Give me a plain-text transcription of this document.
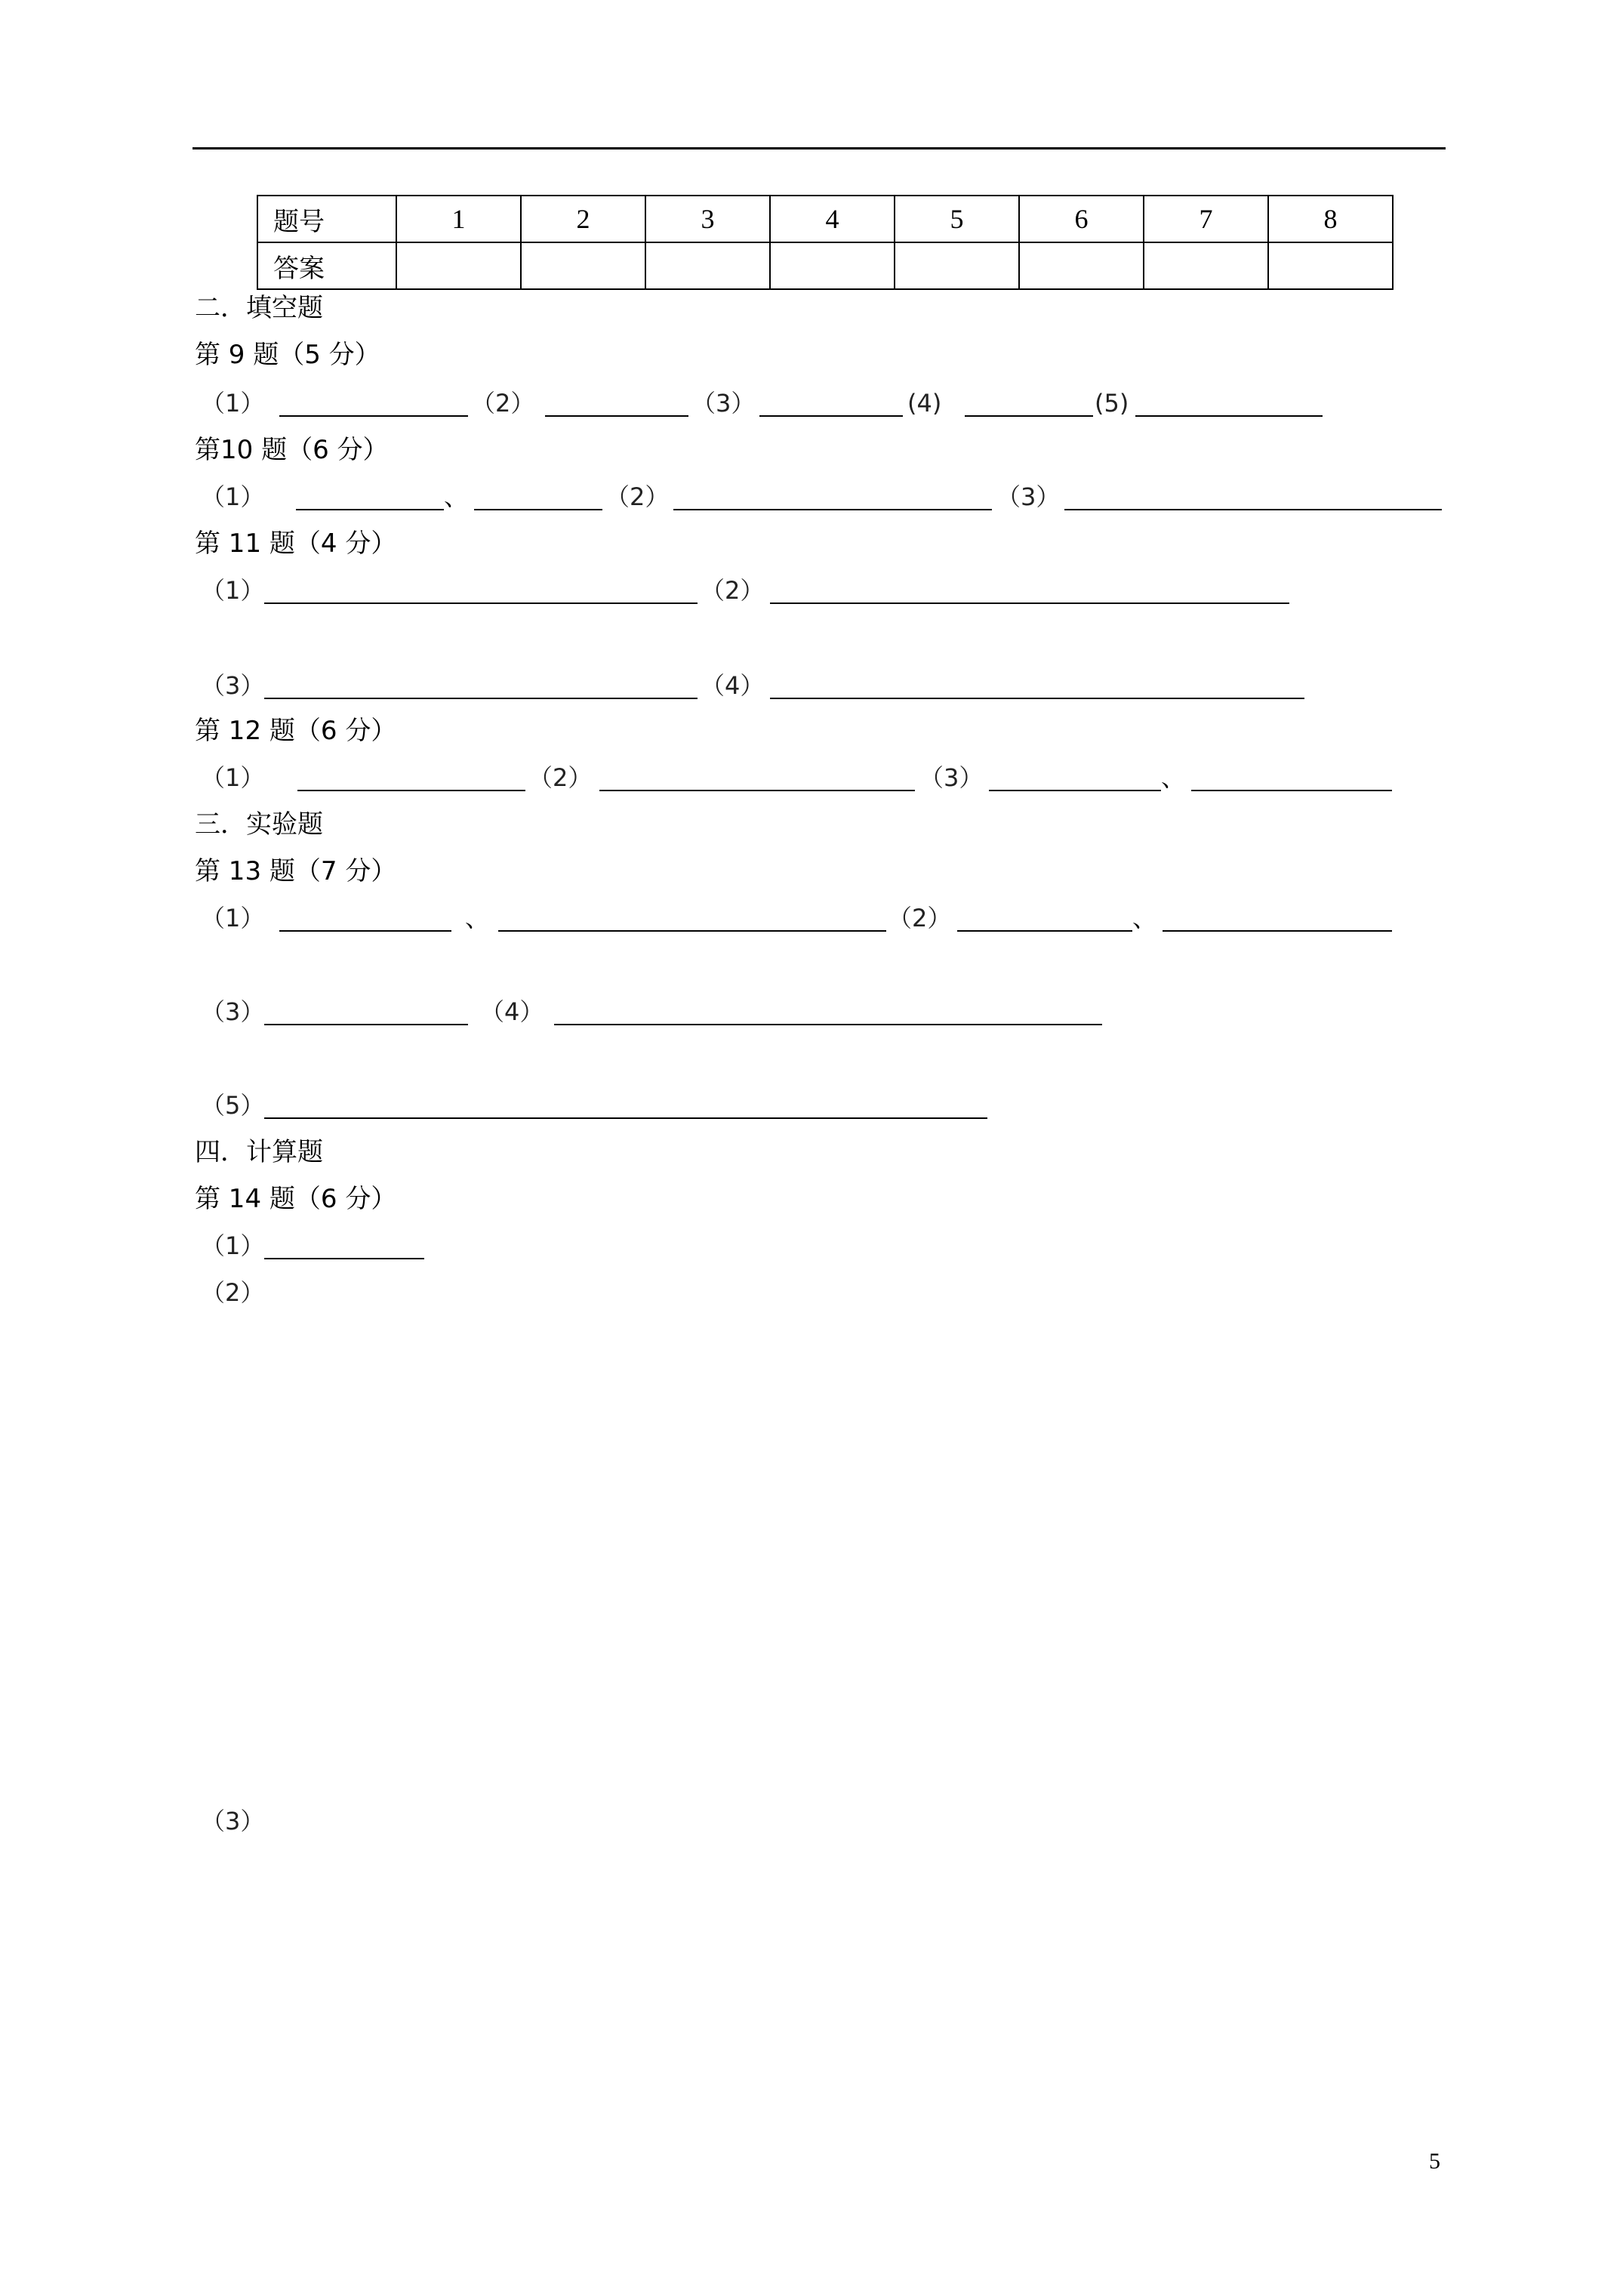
题号	1	2	3	4	5	6	7	8
答案								
二．填空题
第 9 题（5 分）
（1）	（2）	（3）	(4)	(5)
第10 题（6 分）
（1）	、	（2）	（3）
第 11 题（4 分）
（1）	（2）
（3）	（4）
第 12 题（6 分）
（1）	（2）	（3）	、
三．实验题
第 13 题（7 分）
（1）	、	（2）	、
（3）	（4）
（5）
四．计算题
第 14 题（6 分）
（1）
（2）
（3）
5
